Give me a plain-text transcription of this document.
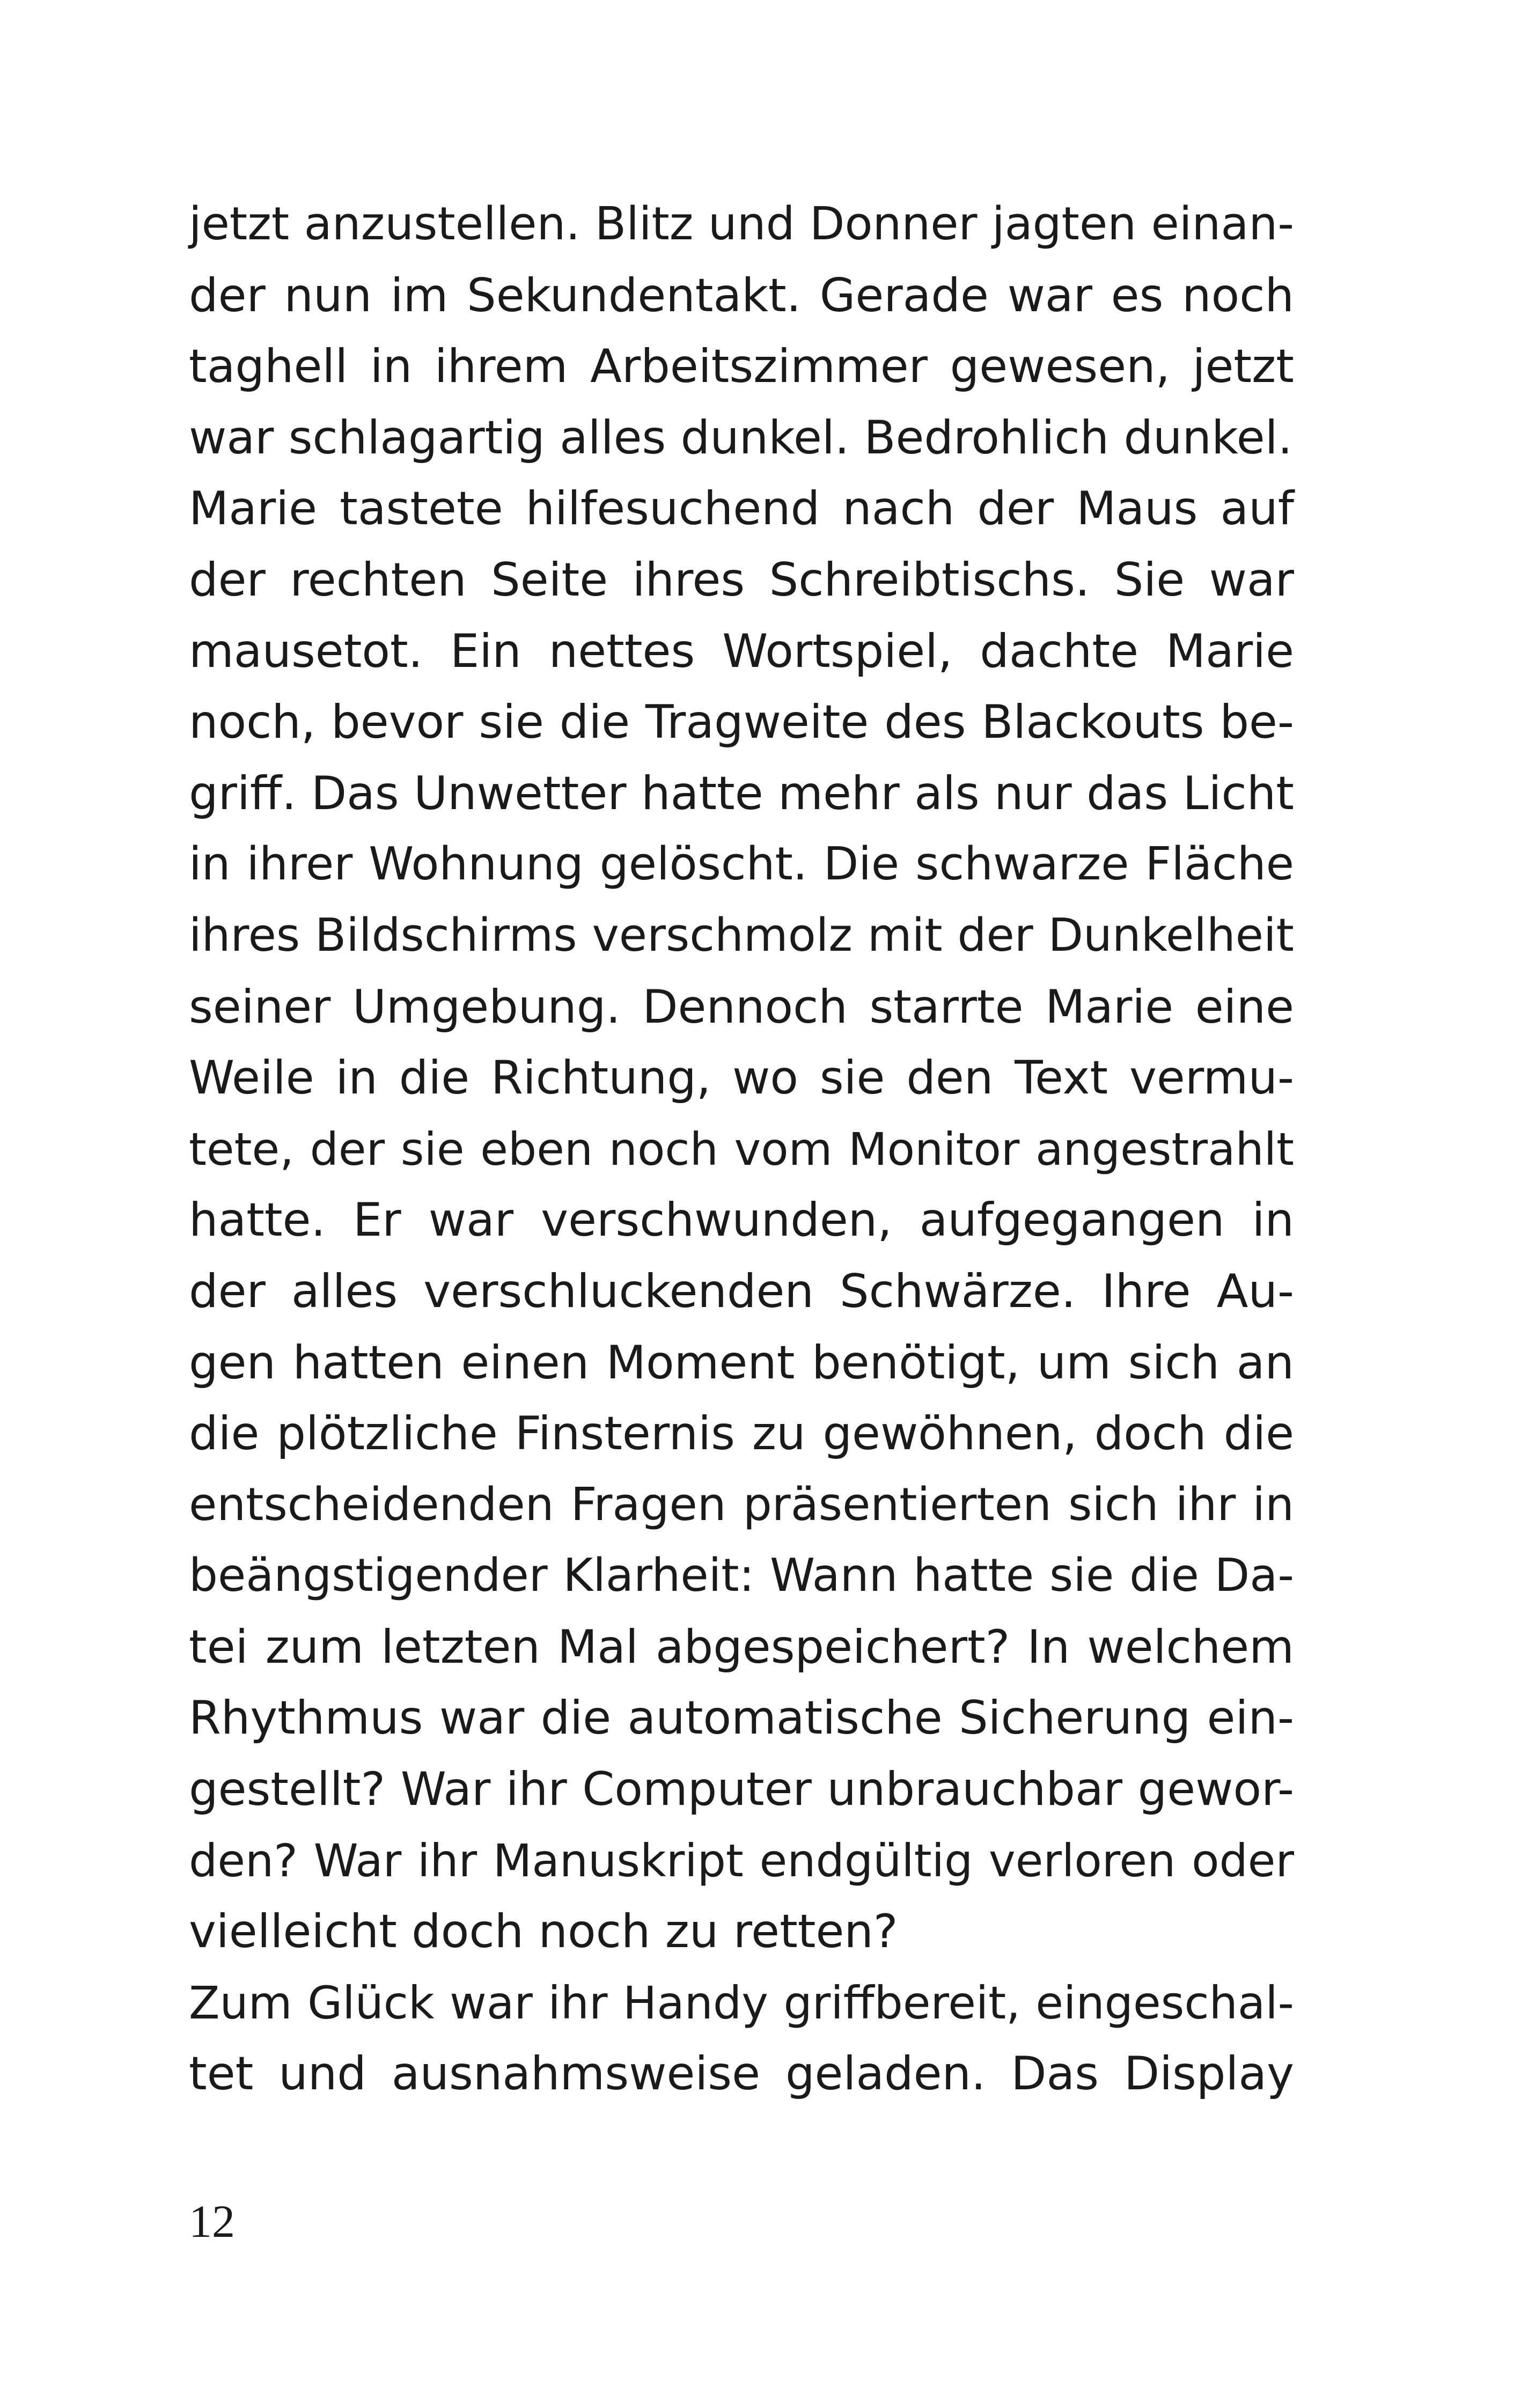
jetzt anzustellen. Blitz und Donner jagten einan-
der nun im Sekundentakt. Gerade war es noch
taghell in ihrem Arbeitszimmer gewesen, jetzt
war schlagartig alles dunkel. Bedrohlich dunkel.
Marie tastete hilfesuchend nach der Maus auf
der rechten Seite ihres Schreibtischs. Sie war
mausetot. Ein nettes Wortspiel, dachte Marie
noch, bevor sie die Tragweite des Blackouts be-
griff. Das Unwetter hatte mehr als nur das Licht
in ihrer Wohnung gelöscht. Die schwarze Fläche
ihres Bildschirms verschmolz mit der Dunkelheit
seiner Umgebung. Dennoch starrte Marie eine
Weile in die Richtung, wo sie den Text vermu-
tete, der sie eben noch vom Monitor angestrahlt
hatte. Er war verschwunden, aufgegangen in
der alles verschluckenden Schwärze. Ihre Au-
gen hatten einen Moment benötigt, um sich an
die plötzliche Finsternis zu gewöhnen, doch die
entscheidenden Fragen präsentierten sich ihr in
beängstigender Klarheit: Wann hatte sie die Da-
tei zum letzten Mal abgespeichert? In welchem
Rhythmus war die automatische Sicherung ein-
gestellt? War ihr Computer unbrauchbar gewor-
den? War ihr Manuskript endgültig verloren oder
vielleicht doch noch zu retten?
Zum Glück war ihr Handy griffbereit, eingeschal-
tet und ausnahmsweise geladen. Das Display
12
